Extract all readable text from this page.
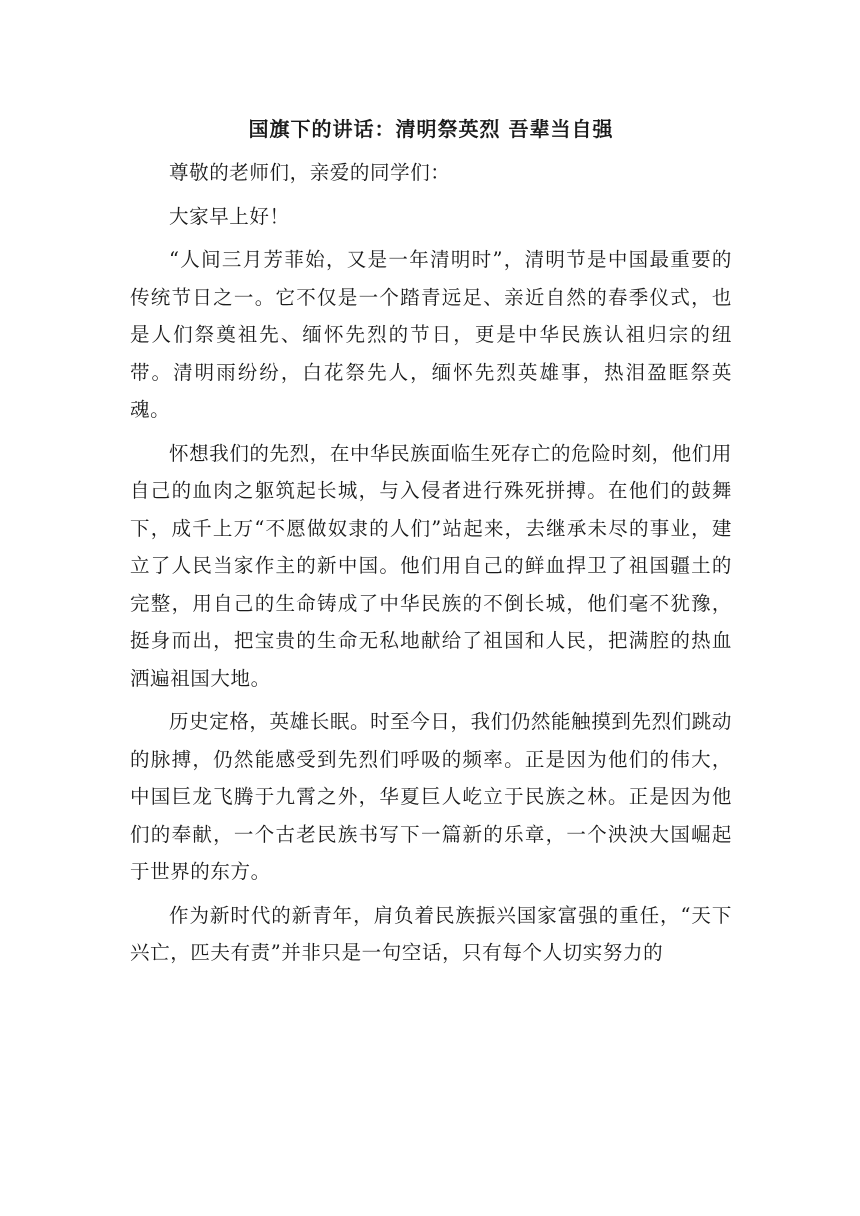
国旗下的讲话：清明祭英烈 吾辈当自强

尊敬的老师们，亲爱的同学们：

大家早上好！

“人间三月芳菲始，又是一年清明时”，清明节是中国最重要的传统节日之一。它不仅是一个踏青远足、亲近自然的春季仪式，也是人们祭奠祖先、缅怀先烈的节日，更是中华民族认祖归宗的纽带。清明雨纷纷，白花祭先人，缅怀先烈英雄事，热泪盈眶祭英魂。

怀想我们的先烈，在中华民族面临生死存亡的危险时刻，他们用自己的血肉之躯筑起长城，与入侵者进行殊死拼搏。在他们的鼓舞下，成千上万“不愿做奴隶的人们”站起来，去继承未尽的事业，建立了人民当家作主的新中国。他们用自己的鲜血捍卫了祖国疆土的完整，用自己的生命铸成了中华民族的不倒长城，他们毫不犹豫，挺身而出，把宝贵的生命无私地献给了祖国和人民，把满腔的热血洒遍祖国大地。

历史定格，英雄长眠。时至今日，我们仍然能触摸到先烈们跳动的脉搏，仍然能感受到先烈们呼吸的频率。正是因为他们的伟大，中国巨龙飞腾于九霄之外，华夏巨人屹立于民族之林。正是因为他们的奉献，一个古老民族书写下一篇新的乐章，一个泱泱大国崛起于世界的东方。

作为新时代的新青年，肩负着民族振兴国家富强的重任，“天下兴亡，匹夫有责”并非只是一句空话，只有每个人切实努力的
